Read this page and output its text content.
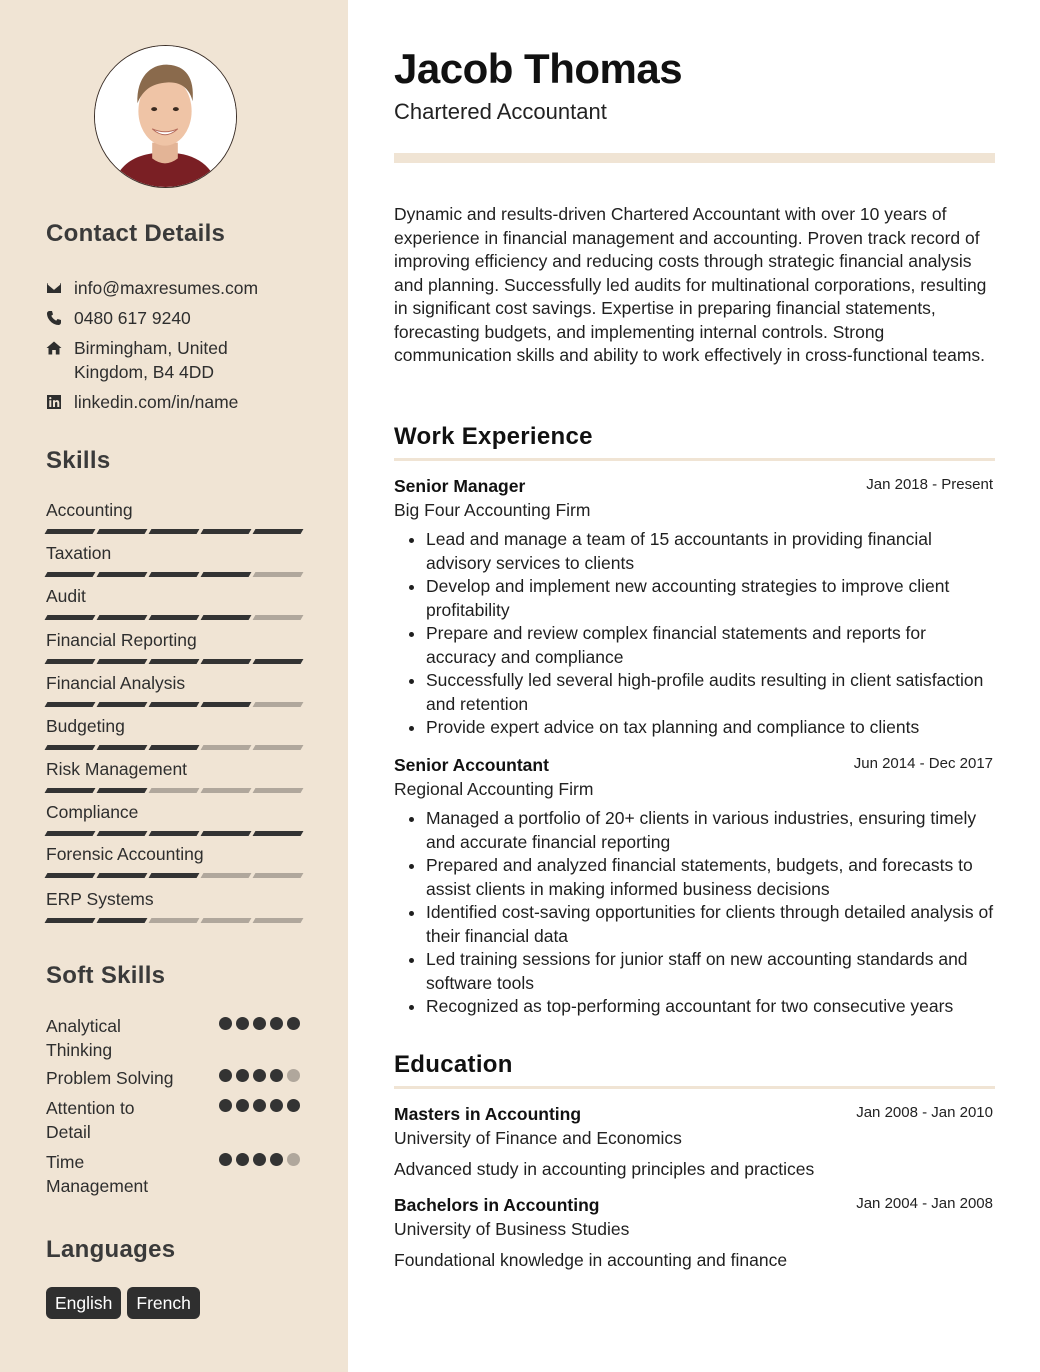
Contact Details
info@maxresumes.com
0480 617 9240
Birmingham, United
Kingdom, B4 4DD
linkedin.com/in/name
Skills
Accounting
Taxation
Audit
Financial Reporting
Financial Analysis
Budgeting
Risk Management
Compliance
Forensic Accounting
ERP Systems
Soft Skills
Analytical
Thinking
Problem Solving
Attention to
Detail
Time
Management
Languages
English	French
Jacob Thomas
Chartered Accountant
Dynamic and results-driven Chartered Accountant with over 10 years of experience in financial management and accounting. Proven track record of improving efficiency and reducing costs through strategic financial analysis and planning. Successfully led audits for multinational corporations, resulting in significant cost savings. Expertise in preparing financial statements, forecasting budgets, and implementing internal controls. Strong communication skills and ability to work effectively in cross-functional teams.
Work Experience
Senior Manager	Jan 2018 - Present
Big Four Accounting Firm
• Lead and manage a team of 15 accountants in providing financial advisory services to clients
• Develop and implement new accounting strategies to improve client profitability
• Prepare and review complex financial statements and reports for accuracy and compliance
• Successfully led several high-profile audits resulting in client satisfaction and retention
• Provide expert advice on tax planning and compliance to clients
Senior Accountant	Jun 2014 - Dec 2017
Regional Accounting Firm
• Managed a portfolio of 20+ clients in various industries, ensuring timely and accurate financial reporting
• Prepared and analyzed financial statements, budgets, and forecasts to assist clients in making informed business decisions
• Identified cost-saving opportunities for clients through detailed analysis of their financial data
• Led training sessions for junior staff on new accounting standards and software tools
• Recognized as top-performing accountant for two consecutive years
Education
Masters in Accounting	Jan 2008 - Jan 2010
University of Finance and Economics
Advanced study in accounting principles and practices
Bachelors in Accounting	Jan 2004 - Jan 2008
University of Business Studies
Foundational knowledge in accounting and finance
